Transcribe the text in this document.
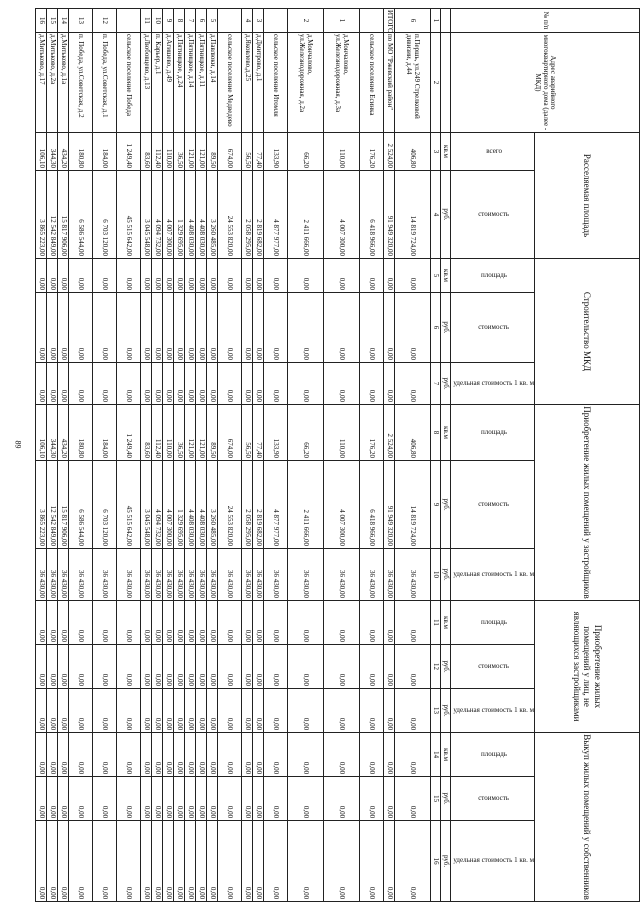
89
№ п/п	Адрес аварийного многоквартирного дома (далее - МКД)	Расселяемая площадь		Строительство МКД			Приобретение жилых помещений у застройщиков			Приобретение жилых помещений у лиц, не являющихся застройщиками			Выкуп жилых помещений у собственников		
		всего	стоимость	площадь	стоимость	удельная стоимость 1 кв. м	площадь	стоимость	удельная стоимость 1 кв. м	площадь	стоимость	удельная стоимость 1 кв. м	площадь	стоимость	удельная стоимость 1 кв. м
		кв.м	руб.	кв.м	руб.	руб.	кв.м	руб.	руб.	кв.м	руб.	руб.	кв.м	руб.	руб.
1	2	3	4	5	6	7	8	9	10	11	12	13	14	15	16
6	п.Першь, ул.249 Стрелковой дивизии, д.44	406,80	14 819 724,00	0,00	0,00	0,00	406,80	14 819 724,00	36 430,00	0,00	0,00	0,00	0,00	0,00	0,00
ИТОГО	по МО "Ржевский район"	2 524,00	91 949 320,00	0,00	0,00	0,00	2 524,00	91 949 320,00	36 430,00	0,00	0,00	0,00	0,00	0,00	0,00
	сельское поселение Есинка	176,20	6 418 966,00	0,00	0,00	0,00	176,20	6 418 966,00	36 430,00	0,00	0,00	0,00	0,00	0,00	0,00
1	д.Мончалово, ул.Железнодорожная, д.3а	110,00	4 007 300,00	0,00	0,00	0,00	110,00	4 007 300,00	36 430,00	0,00	0,00	0,00	0,00	0,00	0,00
2	д.Мончалово, ул.Железнодорожная, д.2а	66,20	2 411 666,00	0,00	0,00	0,00	66,20	2 411 666,00	36 430,00	0,00	0,00	0,00	0,00	0,00	0,00
	сельское поселение Итомля	133,90	4 877 977,00	0,00	0,00	0,00	133,90	4 877 977,00	36 430,00	0,00	0,00	0,00	0,00	0,00	0,00
3	д.Дмитрово, д.1	77,40	2 819 682,00	0,00	0,00	0,00	77,40	2 819 682,00	36 430,00	0,00	0,00	0,00	0,00	0,00	0,00
4	д.Яковлево,д.25	56,50	2 058 295,00	0,00	0,00	0,00	56,50	2 058 295,00	36 430,00	0,00	0,00	0,00	0,00	0,00	0,00
	сельское поселение Медведево	674,00	24 553 820,00	0,00	0,00	0,00	674,00	24 553 820,00	36 430,00	0,00	0,00	0,00	0,00	0,00	0,00
5	д.Павлюки, д.14	89,50	3 260 485,00	0,00	0,00	0,00	89,50	3 260 485,00	36 430,00	0,00	0,00	0,00	0,00	0,00	0,00
6	д.Пятницкое, д.11	121,00	4 408 030,00	0,00	0,00	0,00	121,00	4 408 030,00	36 430,00	0,00	0,00	0,00	0,00	0,00	0,00
7	д.Пятницкое, д.14	121,00	4 408 030,00	0,00	0,00	0,00	121,00	4 408 030,00	36 430,00	0,00	0,00	0,00	0,00	0,00	0,00
8	д.Пятницкое, д.24	36,50	1 329 695,00	0,00	0,00	0,00	36,50	1 329 695,00	36 430,00	0,00	0,00	0,00	0,00	0,00	0,00
9	д.Агишево, д.49	110,00	4 007 300,00	0,00	0,00	0,00	110,00	4 007 300,00	36 430,00	0,00	0,00	0,00	0,00	0,00	0,00
10	п. Карьер, д.1	112,40	4 094 732,00	0,00	0,00	0,00	112,40	4 094 732,00	36 430,00	0,00	0,00	0,00	0,00	0,00	0,00
11	д.Любовцево, д.13	83,60	3 045 548,00	0,00	0,00	0,00	83,60	3 045 548,00	36 430,00	0,00	0,00	0,00	0,00	0,00	0,00
	сельское поселение Победа	1 249,40	45 515 642,00	0,00	0,00	0,00	1 249,40	45 515 642,00	36 430,00	0,00	0,00	0,00	0,00	0,00	0,00
12	п. Победа, ул.Советская, д.1	184,00	6 703 120,00	0,00	0,00	0,00	184,00	6 703 120,00	36 430,00	0,00	0,00	0,00	0,00	0,00	0,00
13	п. Победа, ул.Советская, д.2	180,80	6 586 544,00	0,00	0,00	0,00	180,80	6 586 544,00	36 430,00	0,00	0,00	0,00	0,00	0,00	0,00
14	д.Митьково, д.1а	434,20	15 817 906,00	0,00	0,00	0,00	434,20	15 817 906,00	36 430,00	0,00	0,00	0,00	0,00	0,00	0,00
15	д.Митьково, д.2а	344,30	12 542 849,00	0,00	0,00	0,00	344,30	12 542 849,00	36 430,00	0,00	0,00	0,00	0,00	0,00	0,00
16	д.Митьково, д.17	106,10	3 865 223,00	0,00	0,00	0,00	106,10	3 865 223,00	36 430,00	0,00	0,00	0,00	0,00	0,00	0,00
